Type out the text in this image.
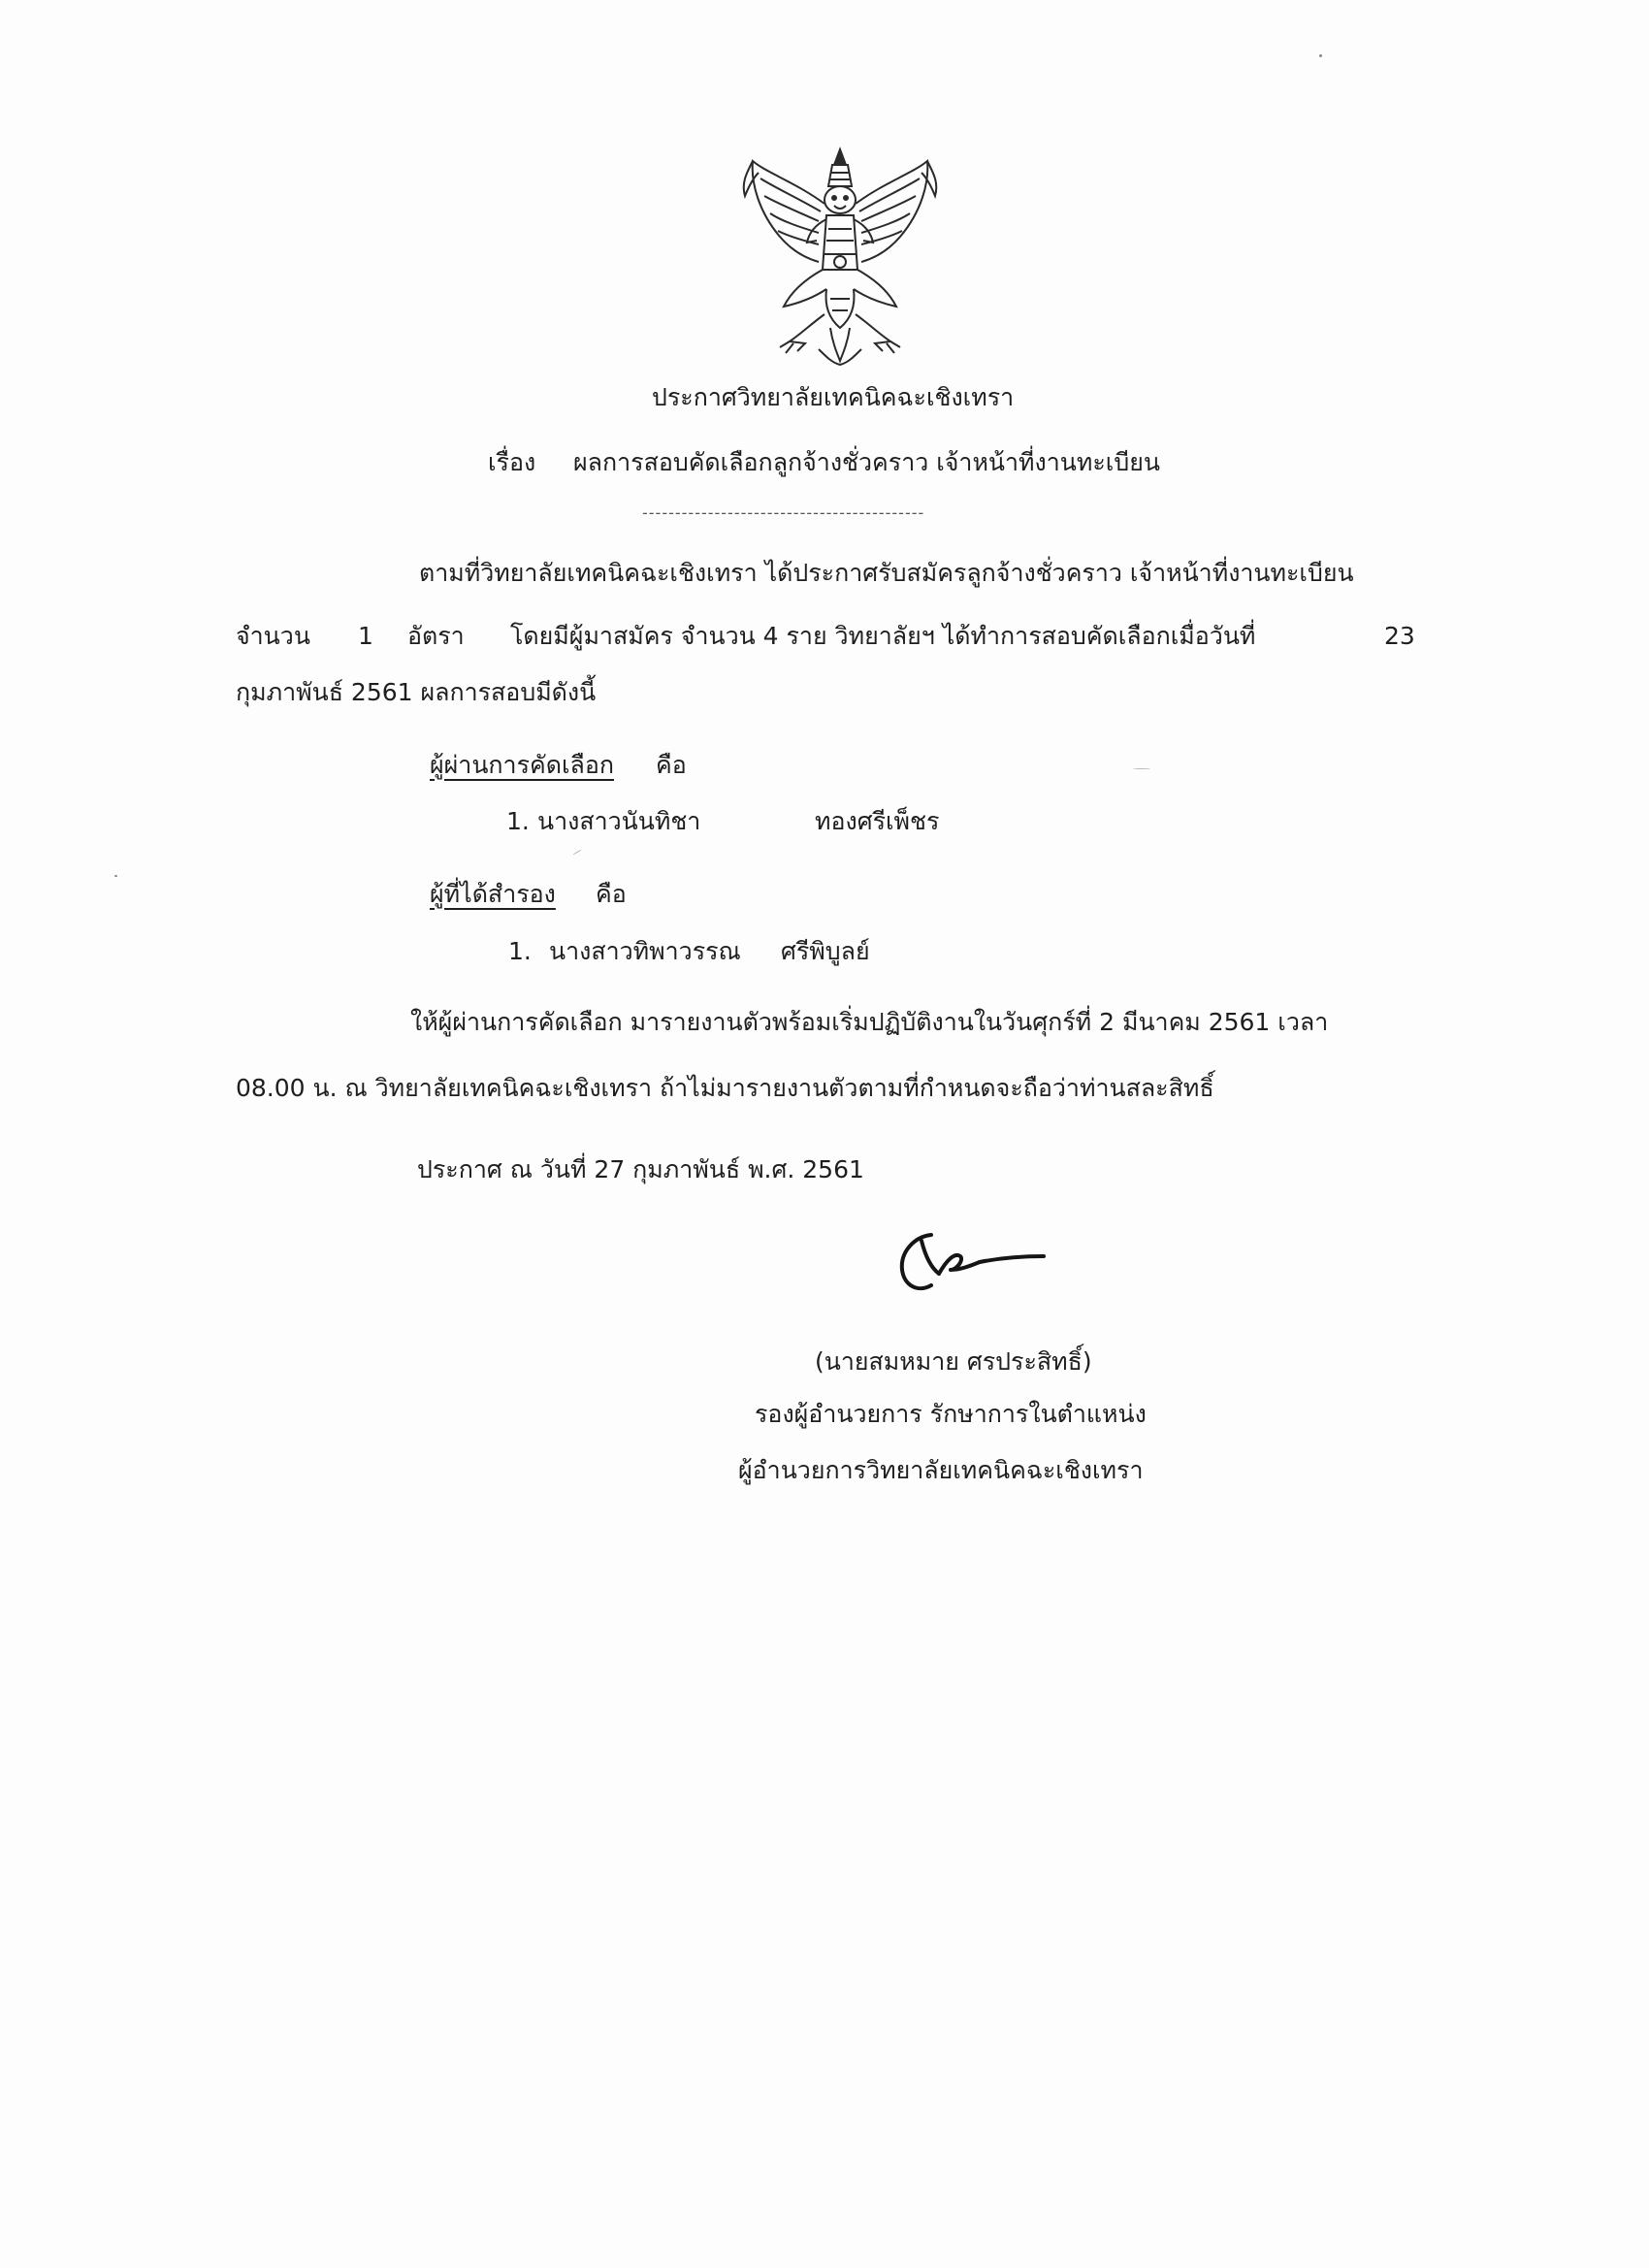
ประกาศวิทยาลัยเทคนิคฉะเชิงเทรา
เรื่อง ผลการสอบคัดเลือกลูกจ้างชั่วคราว เจ้าหน้าที่งานทะเบียน
-------------------------------------------
ตามที่วิทยาลัยเทคนิคฉะเชิงเทรา ได้ประกาศรับสมัครลูกจ้างชั่วคราว เจ้าหน้าที่งานทะเบียน
จำนวน 1 อัตรา โดยมีผู้มาสมัคร จำนวน 4 ราย วิทยาลัยฯ ได้ทำการสอบคัดเลือกเมื่อวันที่	23
กุมภาพันธ์ 2561 ผลการสอบมีดังนี้
ผู้ผ่านการคัดเลือก คือ
1. นางสาวนันทิชา	ทองศรีเพ็ชร
ผู้ที่ได้สำรอง คือ
1. นางสาวทิพาวรรณ ศรีพิบูลย์
ให้ผู้ผ่านการคัดเลือก มารายงานตัวพร้อมเริ่มปฏิบัติงานในวันศุกร์ที่ 2 มีนาคม 2561 เวลา
08.00 น. ณ วิทยาลัยเทคนิคฉะเชิงเทรา ถ้าไม่มารายงานตัวตามที่กำหนดจะถือว่าท่านสละสิทธิ์
ประกาศ ณ วันที่ 27 กุมภาพันธ์ พ.ศ. 2561
(นายสมหมาย ศรประสิทธิ์)
รองผู้อำนวยการ รักษาการในตำแหน่ง
ผู้อำนวยการวิทยาลัยเทคนิคฉะเชิงเทรา
